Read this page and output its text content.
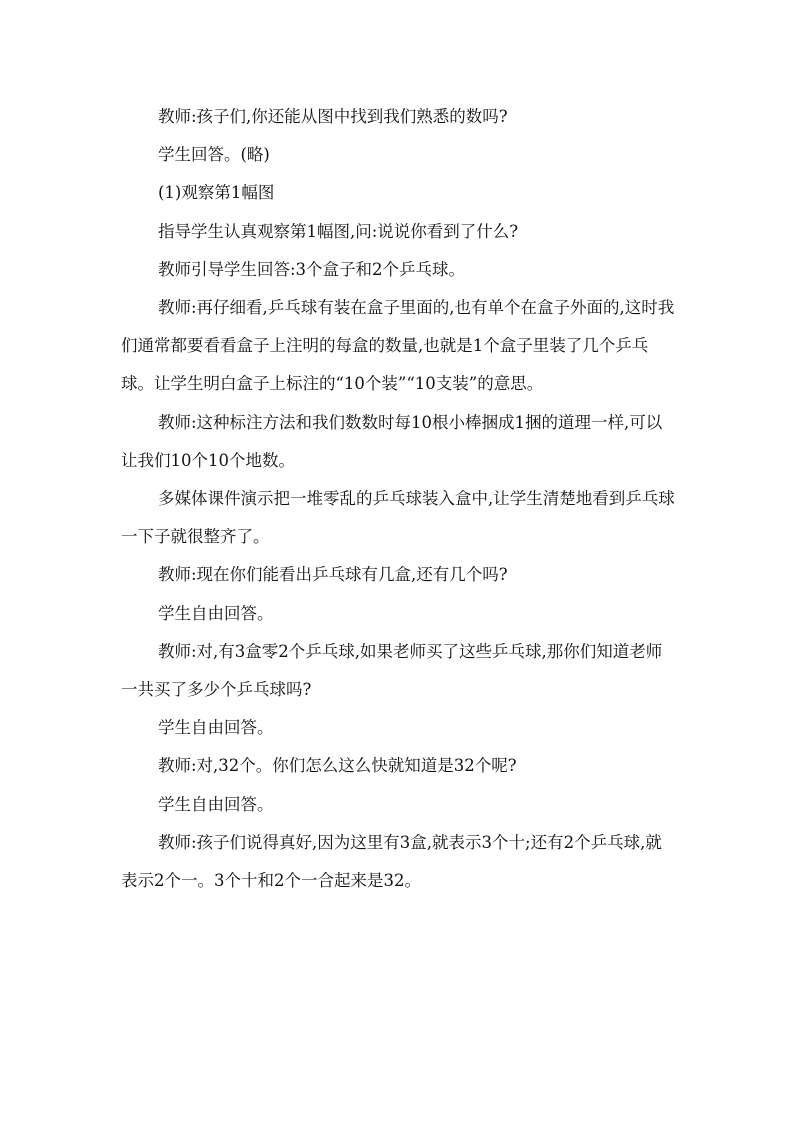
教师:孩子们,你还能从图中找到我们熟悉的数吗?

学生回答。(略)

(1)观察第1幅图

指导学生认真观察第1幅图,问:说说你看到了什么?

教师引导学生回答:3个盒子和2个乒乓球。

教师:再仔细看,乒乓球有装在盒子里面的,也有单个在盒子外面的,这时我们通常都要看看盒子上注明的每盒的数量,也就是1个盒子里装了几个乒乓球。让学生明白盒子上标注的“10个装”“10支装”的意思。

教师:这种标注方法和我们数数时每10根小棒捆成1捆的道理一样,可以让我们10个10个地数。

多媒体课件演示把一堆零乱的乒乓球装入盒中,让学生清楚地看到乒乓球一下子就很整齐了。

教师:现在你们能看出乒乓球有几盒,还有几个吗?

学生自由回答。

教师:对,有3盒零2个乒乓球,如果老师买了这些乒乓球,那你们知道老师一共买了多少个乒乓球吗?

学生自由回答。

教师:对,32个。你们怎么这么快就知道是32个呢?

学生自由回答。

教师:孩子们说得真好,因为这里有3盒,就表示3个十;还有2个乒乓球,就表示2个一。3个十和2个一合起来是32。
